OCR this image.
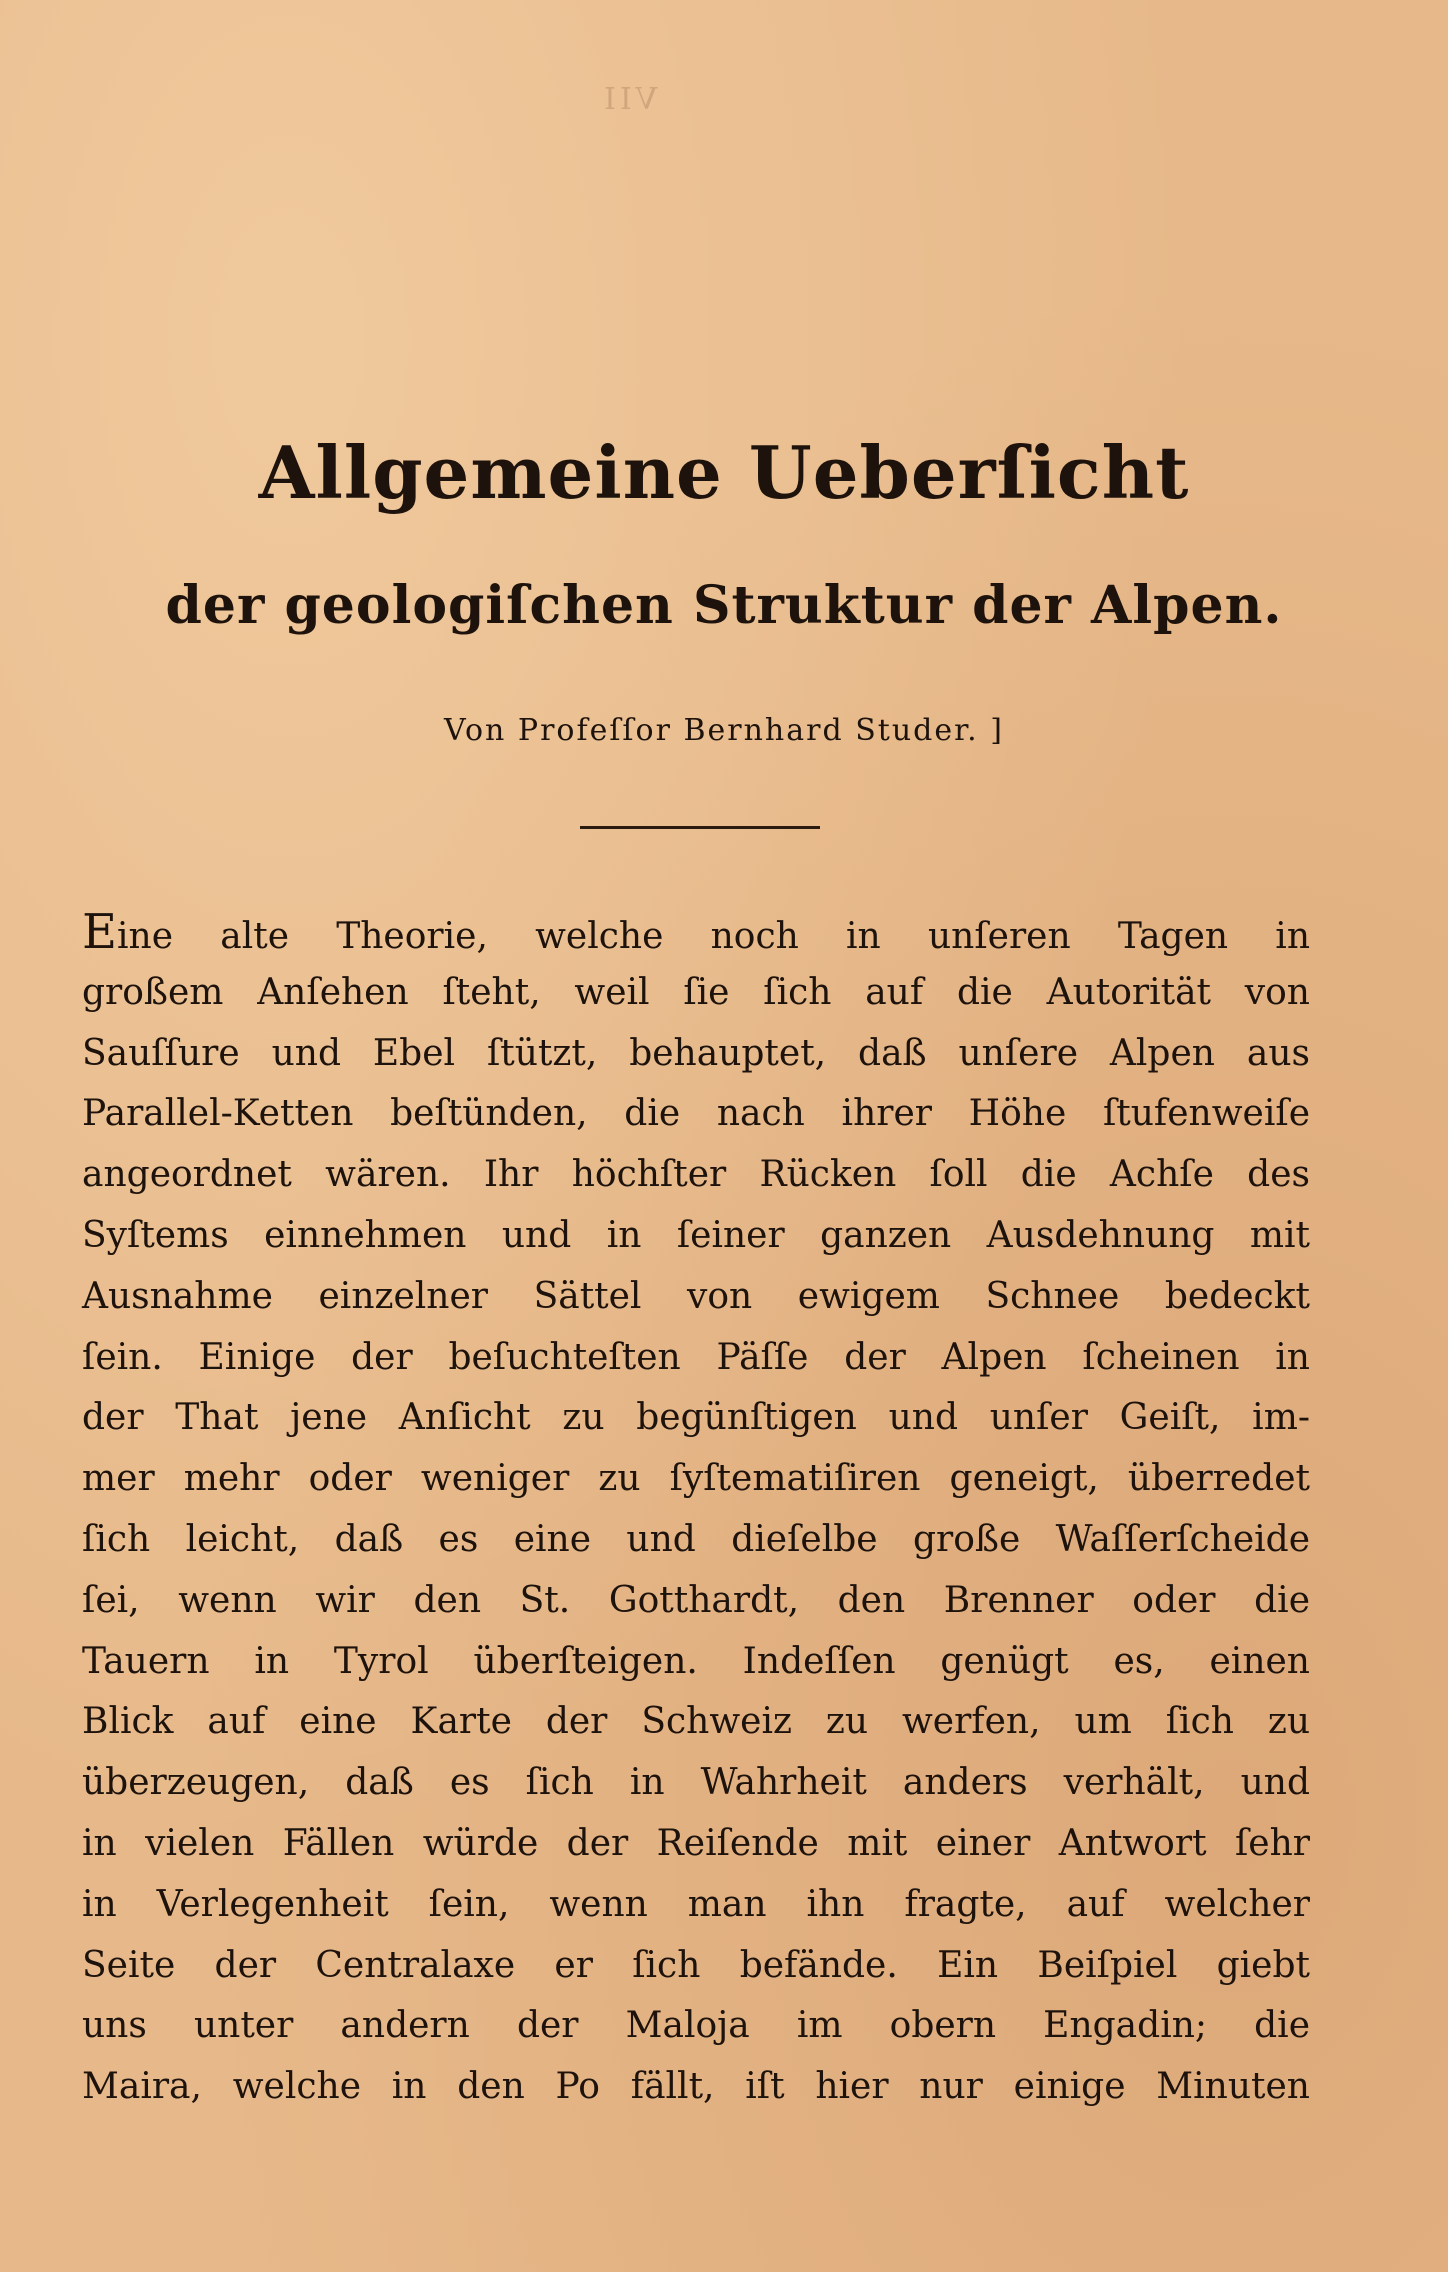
VII
Allgemeine Ueberſicht
der geologiſchen Struktur der Alpen.
Von Profeſſor Bernhard Studer. ]
Eine alte Theorie, welche noch in unſeren Tagen in
großem Anſehen ſteht, weil ſie ſich auf die Autorität von
Sauſſure und Ebel ſtützt, behauptet, daß unſere Alpen aus
Parallel-Ketten beſtünden, die nach ihrer Höhe ſtufenweiſe
angeordnet wären. Ihr höchſter Rücken ſoll die Achſe des
Syſtems einnehmen und in ſeiner ganzen Ausdehnung mit
Ausnahme einzelner Sättel von ewigem Schnee bedeckt
ſein. Einige der beſuchteſten Päſſe der Alpen ſcheinen in
der That jene Anſicht zu begünſtigen und unſer Geiſt, im-
mer mehr oder weniger zu ſyſtematiſiren geneigt, überredet
ſich leicht, daß es eine und dieſelbe große Waſſerſcheide
ſei, wenn wir den St. Gotthardt, den Brenner oder die
Tauern in Tyrol überſteigen. Indeſſen genügt es, einen
Blick auf eine Karte der Schweiz zu werfen, um ſich zu
überzeugen, daß es ſich in Wahrheit anders verhält, und
in vielen Fällen würde der Reiſende mit einer Antwort ſehr
in Verlegenheit ſein, wenn man ihn fragte, auf welcher
Seite der Centralaxe er ſich befände. Ein Beiſpiel giebt
uns unter andern der Maloja im obern Engadin; die
Maira, welche in den Po fällt, iſt hier nur einige Minuten
